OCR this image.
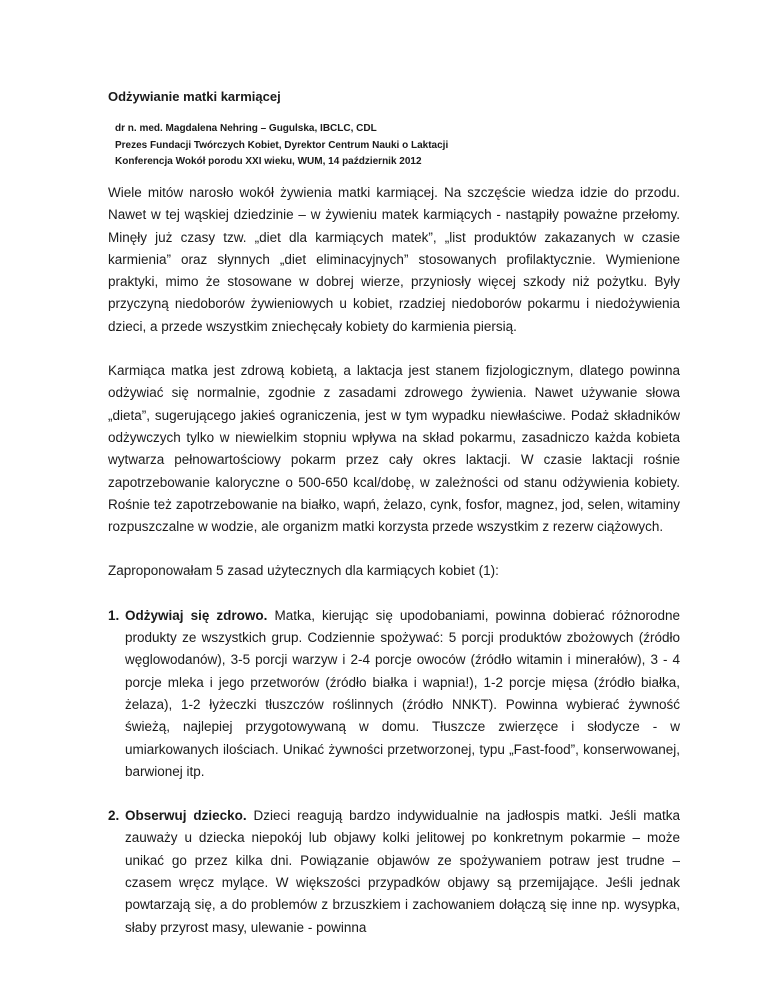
Odżywianie matki karmiącej
dr n. med. Magdalena Nehring – Gugulska, IBCLC, CDL
Prezes Fundacji Twórczych Kobiet, Dyrektor Centrum Nauki o Laktacji
Konferencja Wokół porodu XXI wieku, WUM, 14 październik 2012

Wiele mitów narosło wokół żywienia matki karmiącej. Na szczęście wiedza idzie do przodu. Nawet w tej wąskiej dziedzinie – w żywieniu matek karmiących - nastąpiły poważne przełomy. Minęły już czasy tzw. „diet dla karmiących matek”, „list produktów zakazanych w czasie karmienia” oraz słynnych „diet eliminacyjnych” stosowanych profilaktycznie. Wymienione praktyki, mimo że stosowane w dobrej wierze, przyniosły więcej szkody niż pożytku. Były przyczyną niedoborów żywieniowych u kobiet, rzadziej niedoborów pokarmu i niedożywienia dzieci, a przede wszystkim zniechęcały kobiety do karmienia piersią.

Karmiąca matka jest zdrową kobietą, a laktacja jest stanem fizjologicznym, dlatego powinna odżywiać się normalnie, zgodnie z zasadami zdrowego żywienia. Nawet używanie słowa „dieta”, sugerującego jakieś ograniczenia, jest w tym wypadku niewłaściwe. Podaż składników odżywczych tylko w niewielkim stopniu wpływa na skład pokarmu, zasadniczo każda kobieta wytwarza pełnowartościowy pokarm przez cały okres laktacji. W czasie laktacji rośnie zapotrzebowanie kaloryczne o 500-650 kcal/dobę, w zależności od stanu odżywienia kobiety. Rośnie też zapotrzebowanie na białko, wapń, żelazo, cynk, fosfor, magnez, jod, selen, witaminy rozpuszczalne w wodzie, ale organizm matki korzysta przede wszystkim z rezerw ciążowych.

Zaproponowałam 5 zasad użytecznych dla karmiących kobiet (1):

1. Odżywiaj się zdrowo. Matka, kierując się upodobaniami, powinna dobierać różnorodne produkty ze wszystkich grup. Codziennie spożywać: 5 porcji produktów zbożowych (źródło węglowodanów), 3-5 porcji warzyw i 2-4 porcje owoców (źródło witamin i minerałów), 3 - 4 porcje mleka i jego przetworów (źródło białka i wapnia!), 1-2 porcje mięsa (źródło białka, żelaza), 1-2 łyżeczki tłuszczów roślinnych (źródło NNKT). Powinna wybierać żywność świeżą, najlepiej przygotowywaną w domu. Tłuszcze zwierzęce i słodycze - w umiarkowanych ilościach. Unikać żywności przetworzonej, typu „Fast-food”, konserwowanej, barwionej itp.
2. Obserwuj dziecko. Dzieci reagują bardzo indywidualnie na jadłospis matki. Jeśli matka zauważy u dziecka niepokój lub objawy kolki jelitowej po konkretnym pokarmie – może unikać go przez kilka dni. Powiązanie objawów ze spożywaniem potraw jest trudne – czasem wręcz mylące. W większości przypadków objawy są przemijające. Jeśli jednak powtarzają się, a do problemów z brzuszkiem i zachowaniem dołączą się inne np. wysypka, słaby przyrost masy, ulewanie - powinna
